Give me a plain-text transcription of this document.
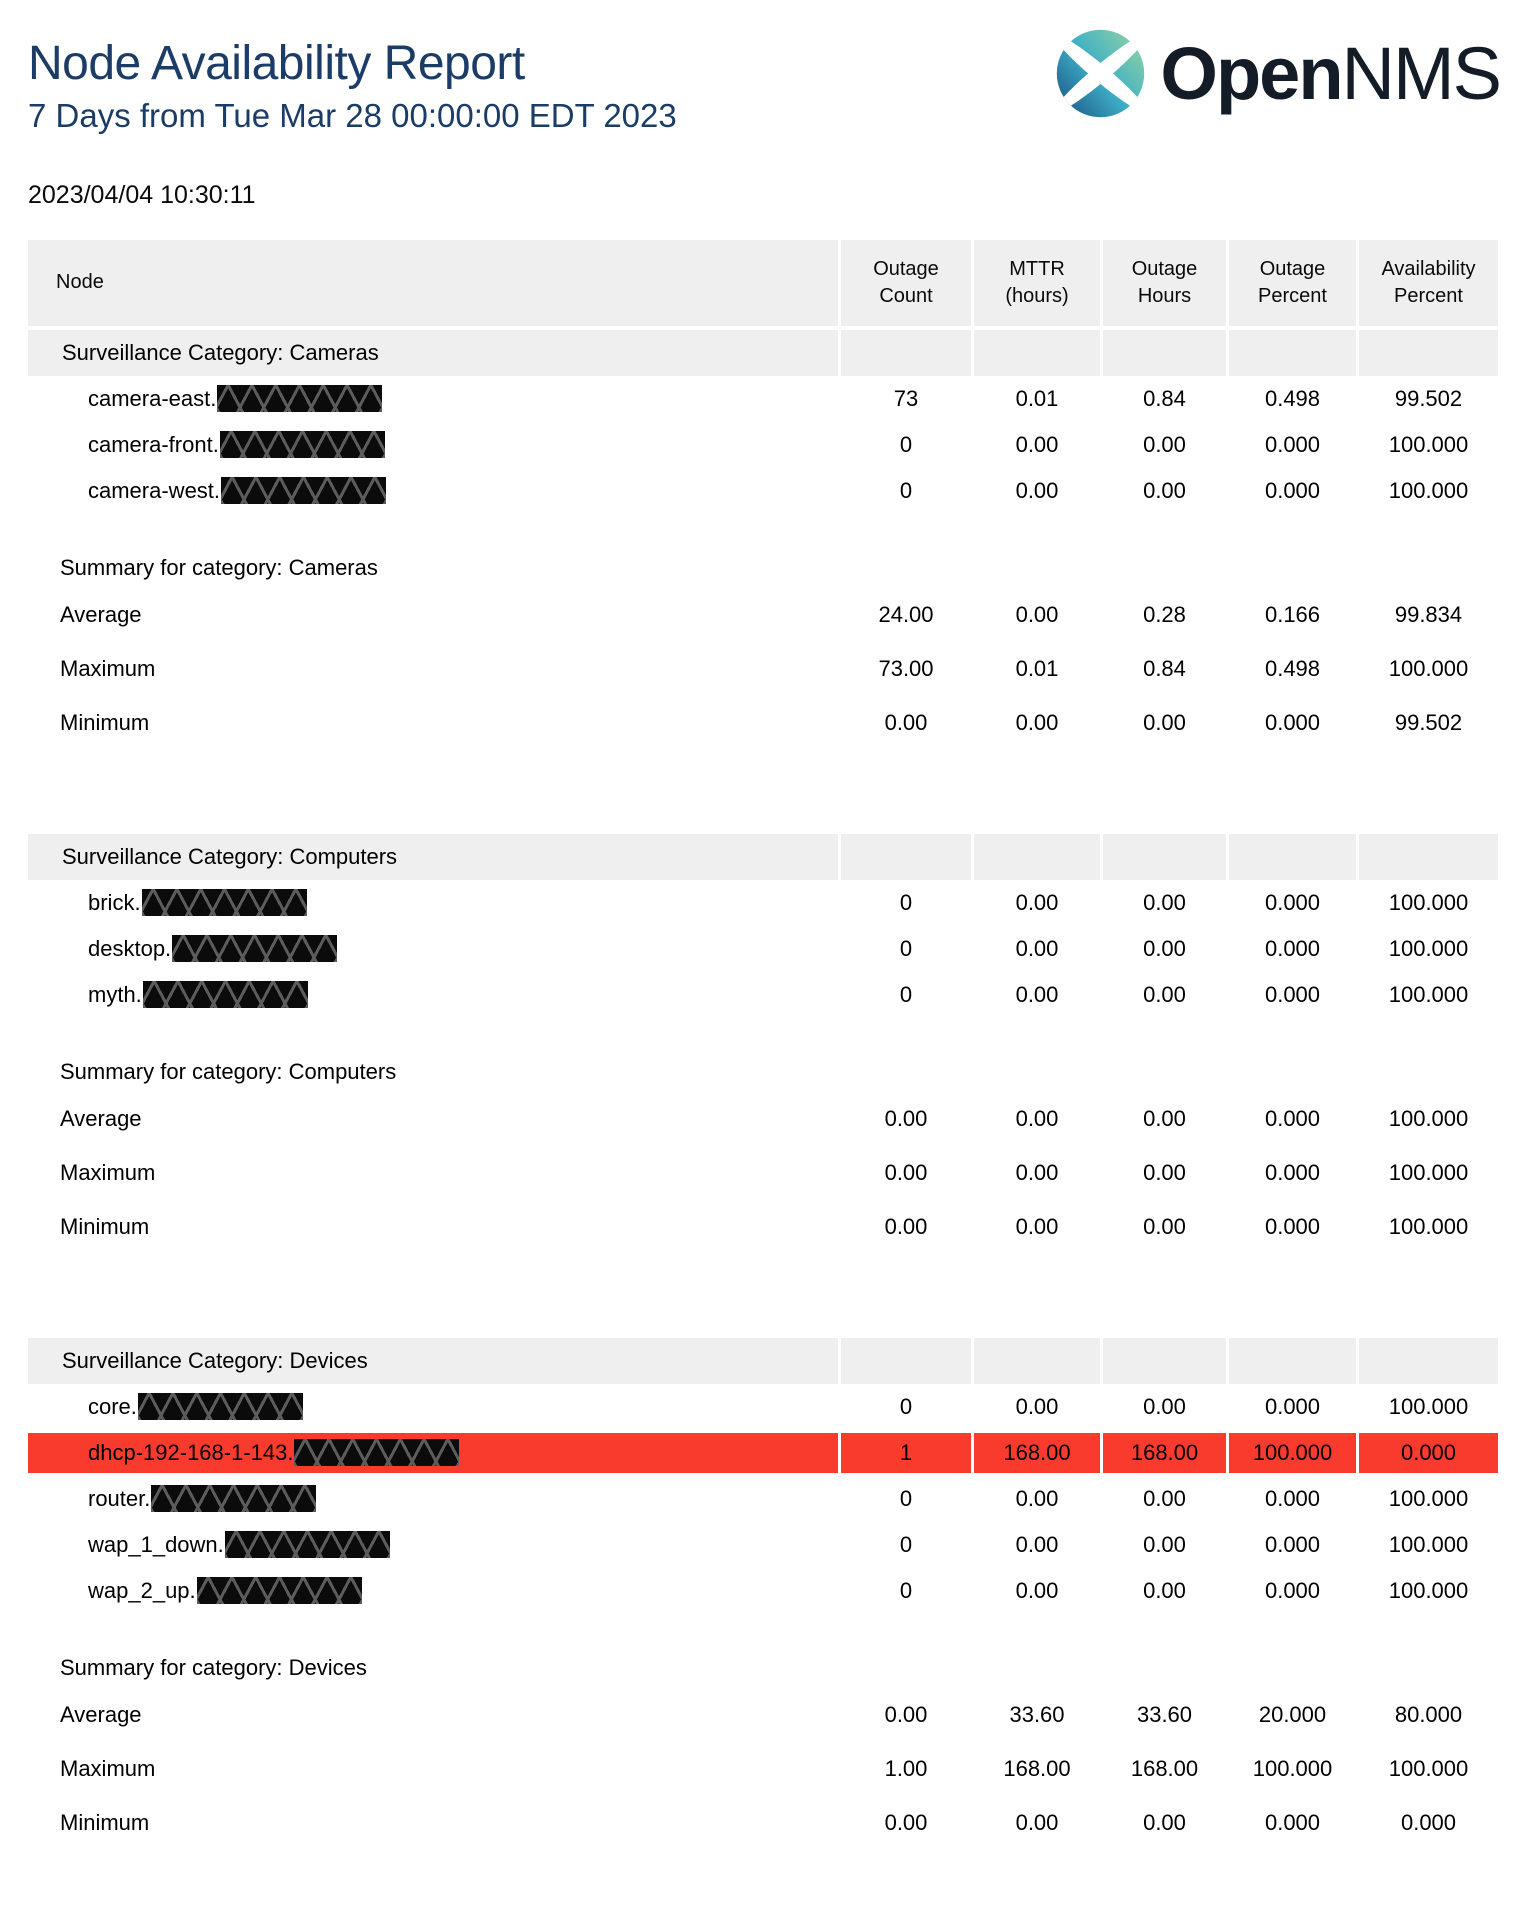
Node Availability Report
7 Days from Tue Mar 28 00:00:00 EDT 2023
2023/04/04 10:30:11
OpenNMS
Node
Outage
Count
MTTR
(hours)
Outage
Hours
Outage
Percent
Availability
Percent
Surveillance Category: Cameras
camera-east.	73	0.01	0.84	0.498	99.502
camera-front.	0	0.00	0.00	0.000	100.000
camera-west.	0	0.00	0.00	0.000	100.000
Summary for category: Cameras
Average	24.00	0.00	0.28	0.166	99.834
Maximum	73.00	0.01	0.84	0.498	100.000
Minimum	0.00	0.00	0.00	0.000	99.502
Surveillance Category: Computers
brick.	0	0.00	0.00	0.000	100.000
desktop.	0	0.00	0.00	0.000	100.000
myth.	0	0.00	0.00	0.000	100.000
Summary for category: Computers
Average	0.00	0.00	0.00	0.000	100.000
Maximum	0.00	0.00	0.00	0.000	100.000
Minimum	0.00	0.00	0.00	0.000	100.000
Surveillance Category: Devices
core.	0	0.00	0.00	0.000	100.000
dhcp-192-168-1-143.	1	168.00	168.00	100.000	0.000
router.	0	0.00	0.00	0.000	100.000
wap_1_down.	0	0.00	0.00	0.000	100.000
wap_2_up.	0	0.00	0.00	0.000	100.000
Summary for category: Devices
Average	0.00	33.60	33.60	20.000	80.000
Maximum	1.00	168.00	168.00	100.000	100.000
Minimum	0.00	0.00	0.00	0.000	0.000
